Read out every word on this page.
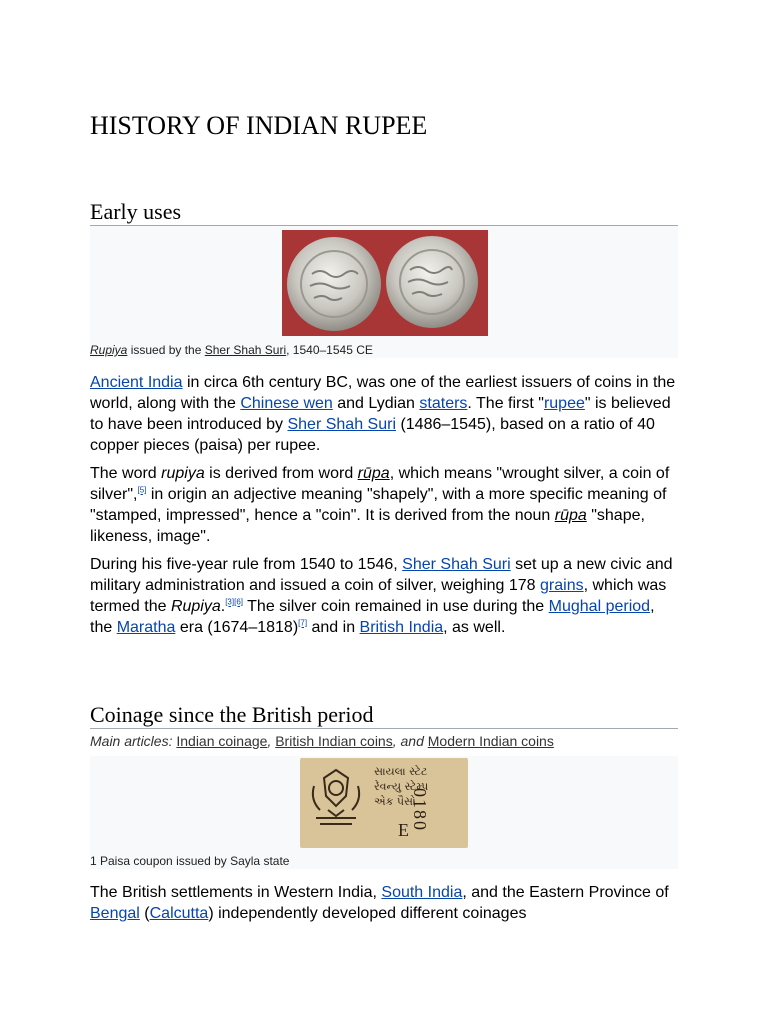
HISTORY OF INDIAN RUPEE
Early uses
Rupiya issued by the Sher Shah Suri, 1540–1545 CE

Ancient India in circa 6th century BC, was one of the earliest issuers of coins in the world, along with the Chinese wen and Lydian staters. The first "rupee" is believed to have been introduced by Sher Shah Suri (1486–1545), based on a ratio of 40 copper pieces (paisa) per rupee.

The word rupiya is derived from word rūpa, which means "wrought silver, a coin of silver",[5] in origin an adjective meaning "shapely", with a more specific meaning of "stamped, impressed", hence a "coin". It is derived from the noun rūpa "shape, likeness, image".

During his five-year rule from 1540 to 1546, Sher Shah Suri set up a new civic and military administration and issued a coin of silver, weighing 178 grains, which was termed the Rupiya.[3][6] The silver coin remained in use during the Mughal period, the Maratha era (1674–1818)[7] and in British India, as well.

Coinage since the British period
Main articles: Indian coinage, British Indian coins, and Modern Indian coins
સાયલા સ્ટેટ
રેવન્યુ સ્ટેમ્પ
એક પૈસો
E 0180
1 Paisa coupon issued by Sayla state

The British settlements in Western India, South India, and the Eastern Province of Bengal (Calcutta) independently developed different coinages
